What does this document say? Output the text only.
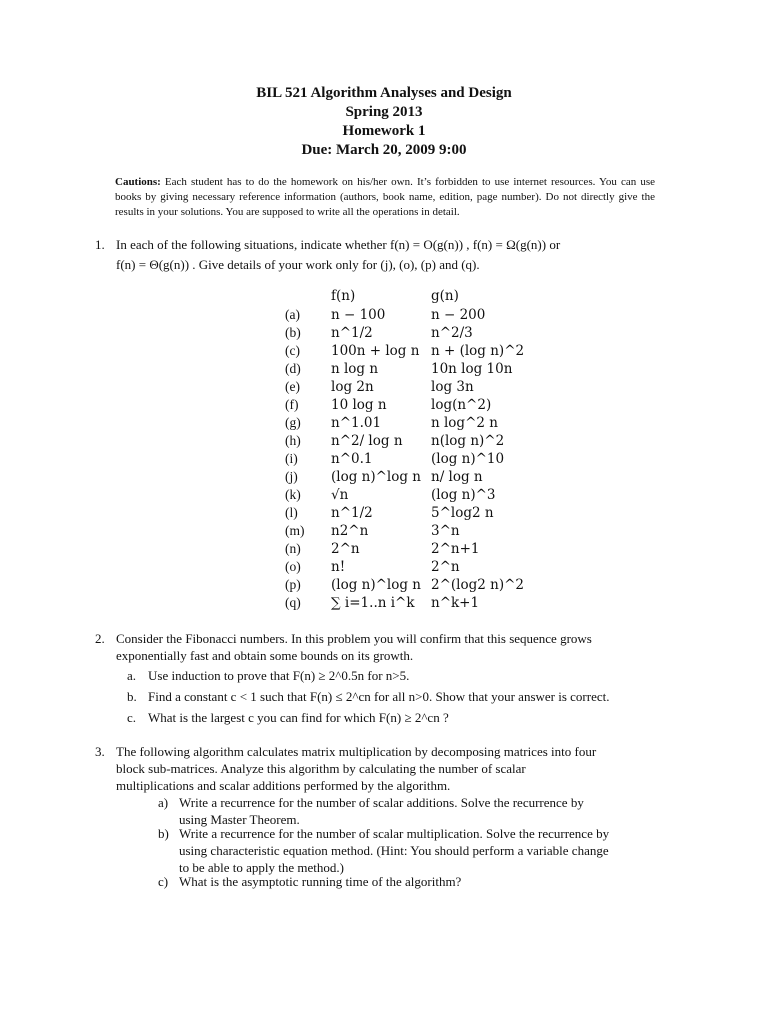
BIL 521 Algorithm Analyses and Design
Spring 2013
Homework 1
Due: March 20, 2009 9:00
Cautions: Each student has to do the homework on his/her own. It’s forbidden to use internet resources. You can use books by giving necessary reference information (authors, book name, edition, page number). Do not directly give the results in your solutions. You are supposed to write all the operations in detail.
1. In each of the following situations, indicate whether f(n) = O(g(n)) , f(n) = Ω(g(n)) or
f(n) = Θ(g(n)) . Give details of your work only for (j), (o), (p) and (q).
	f(n)	g(n)
(a)	n − 100	n − 200
(b)	n^1/2	n^2/3
(c)	100n + log n	n + (log n)^2
(d)	n log n	10n log 10n
(e)	log 2n	log 3n
(f)	10 log n	log(n^2)
(g)	n^1.01	n log^2 n
(h)	n^2/ log n	n(log n)^2
(i)	n^0.1	(log n)^10
(j)	(log n)^log n	n/ log n
(k)	√n	(log n)^3
(l)	n^1/2	5^log2 n
(m)	n2^n	3^n
(n)	2^n	2^n+1
(o)	n!	2^n
(p)	(log n)^log n	2^(log2 n)^2
(q)	∑ i=1..n i^k	n^k+1
2. Consider the Fibonacci numbers. In this problem you will confirm that this sequence grows
exponentially fast and obtain some bounds on its growth.
a. Use induction to prove that F(n) ≥ 2^0.5n for n>5.
b. Find a constant c < 1 such that F(n) ≤ 2^cn for all n>0. Show that your answer is correct.
c. What is the largest c you can find for which F(n) ≥ 2^cn ?
3. The following algorithm calculates matrix multiplication by decomposing matrices into four
block sub-matrices. Analyze this algorithm by calculating the number of scalar
multiplications and scalar additions performed by the algorithm.
a) Write a recurrence for the number of scalar additions. Solve the recurrence by
using Master Theorem.
b) Write a recurrence for the number of scalar multiplication. Solve the recurrence by
using characteristic equation method. (Hint: You should perform a variable change
to be able to apply the method.)
c) What is the asymptotic running time of the algorithm?
